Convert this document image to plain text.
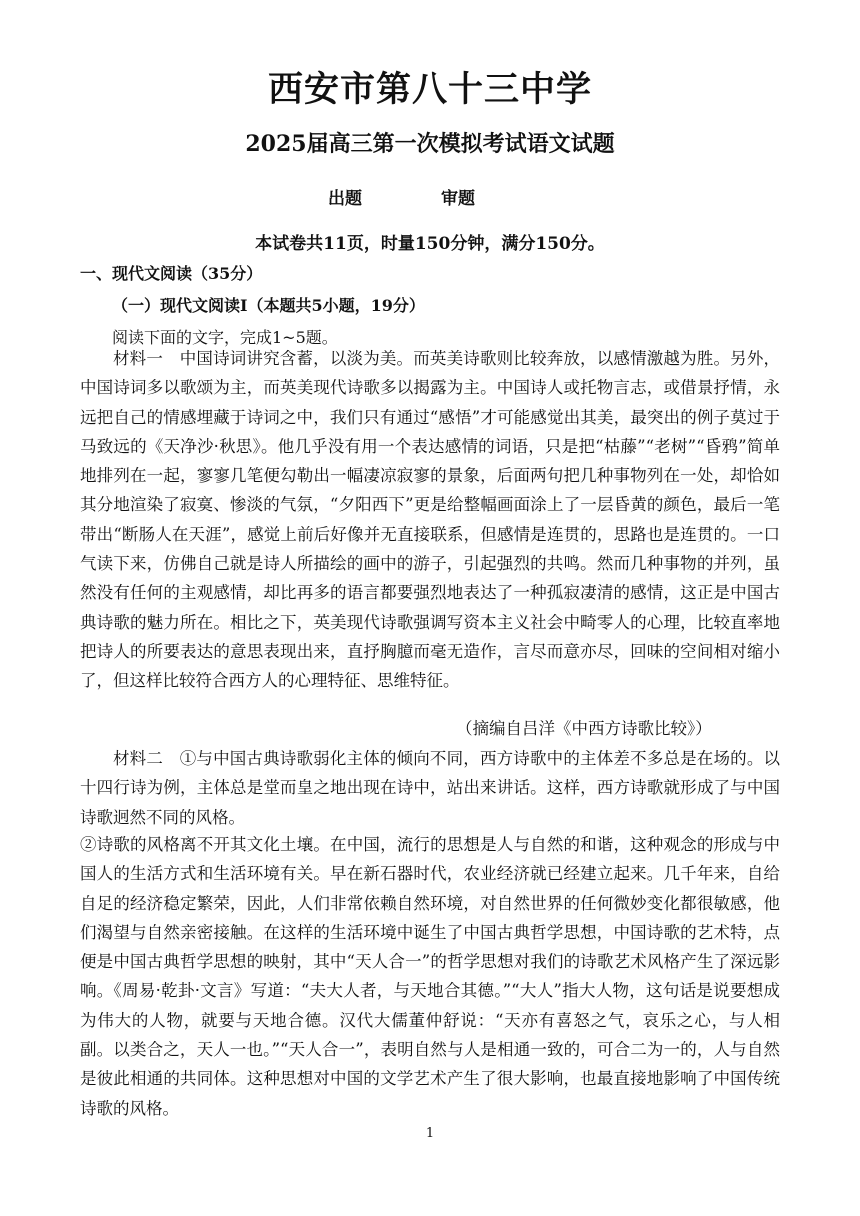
西安市第八十三中学
2025届高三第一次模拟考试语文试题
出题	审题
本试卷共11页，时量150分钟，满分150分。
一、现代文阅读（35分）
（一）现代文阅读Ⅰ（本题共5小题，19分）
阅读下面的文字，完成1~5题。

材料一　中国诗词讲究含蓄，以淡为美。而英美诗歌则比较奔放，以感情激越为胜。另外，中国诗词多以歌颂为主，而英美现代诗歌多以揭露为主。中国诗人或托物言志，或借景抒情，永远把自己的情感埋藏于诗词之中，我们只有通过“感悟”才可能感觉出其美，最突出的例子莫过于马致远的《天净沙·秋思》。他几乎没有用一个表达感情的词语，只是把“枯藤”“老树”“昏鸦”简单地排列在一起，寥寥几笔便勾勒出一幅凄凉寂寥的景象，后面两句把几种事物列在一处，却恰如其分地渲染了寂寞、惨淡的气氛，“夕阳西下”更是给整幅画面涂上了一层昏黄的颜色，最后一笔带出“断肠人在天涯”，感觉上前后好像并无直接联系，但感情是连贯的，思路也是连贯的。一口气读下来，仿佛自己就是诗人所描绘的画中的游子，引起强烈的共鸣。然而几种事物的并列，虽然没有任何的主观感情，却比再多的语言都要强烈地表达了一种孤寂凄清的感情，这正是中国古典诗歌的魅力所在。相比之下，英美现代诗歌强调写资本主义社会中畸零人的心理，比较直率地把诗人的所要表达的意思表现出来，直抒胸臆而毫无造作，言尽而意亦尽，回味的空间相对缩小了，但这样比较符合西方人的心理特征、思维特征。

（摘编自吕洋《中西方诗歌比较》）

材料二　①与中国古典诗歌弱化主体的倾向不同，西方诗歌中的主体差不多总是在场的。以十四行诗为例，主体总是堂而皇之地出现在诗中，站出来讲话。这样，西方诗歌就形成了与中国诗歌迥然不同的风格。

②诗歌的风格离不开其文化土壤。在中国，流行的思想是人与自然的和谐，这种观念的形成与中国人的生活方式和生活环境有关。早在新石器时代，农业经济就已经建立起来。几千年来，自给自足的经济稳定繁荣，因此，人们非常依赖自然环境，对自然世界的任何微妙变化都很敏感，他们渴望与自然亲密接触。在这样的生活环境中诞生了中国古典哲学思想，中国诗歌的艺术特，点便是中国古典哲学思想的映射，其中“天人合一”的哲学思想对我们的诗歌艺术风格产生了深远影响。《周易·乾卦·文言》写道：“夫大人者，与天地合其德。”“大人”指大人物，这句话是说要想成为伟大的人物，就要与天地合德。汉代大儒董仲舒说：“天亦有喜怒之气，哀乐之心，与人相副。以类合之，天人一也。”“天人合一”，表明自然与人是相通一致的，可合二为一的，人与自然是彼此相通的共同体。这种思想对中国的文学艺术产生了很大影响，也最直接地影响了中国传统诗歌的风格。

1
